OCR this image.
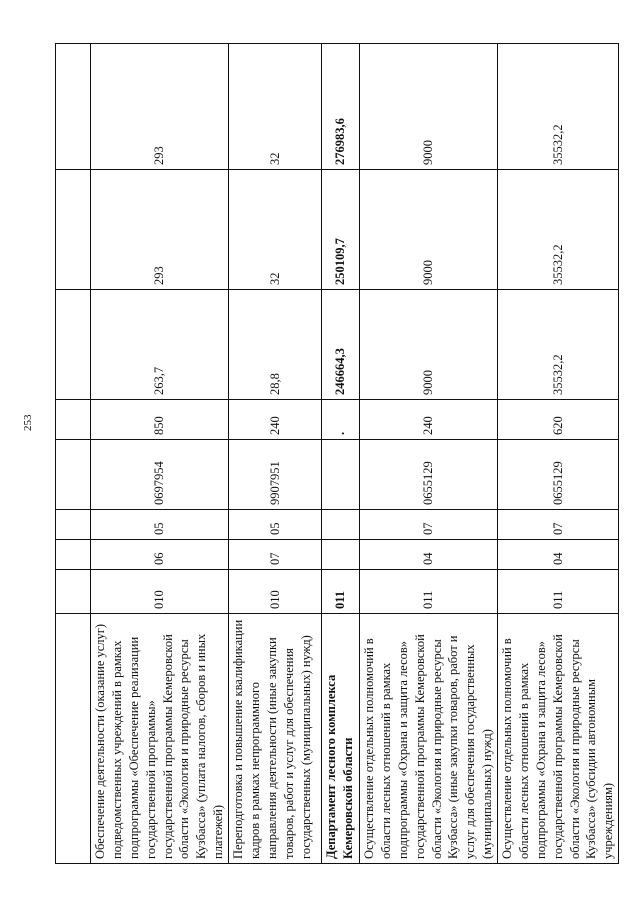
253

Обеспечение деятельности (оказание услуг) подведомственных учреждений в рамках подпрограммы «Обеспечение реализации государственной программы» государственной программы Кемеровской области «Экология и природные ресурсы Кузбасса» (уплата налогов, сборов и иных платежей)	010	06	05	0697954	850	263,7	293	293
Переподготовка и повышение квалификации кадров в рамках непрограммного направления деятельности (иные закупки товаров, работ и услуг для обеспечения государственных (муниципальных) нужд)	010	07	05	9907951	240	28,8	32	32
Департамент лесного комплекса Кемеровской области	011				.	246664,3	250109,7	276983,6
Осуществление отдельных полномочий в области лесных отношений в рамках подпрограммы «Охрана и защита лесов» государственной программы Кемеровской области «Экология и природные ресурсы Кузбасса» (иные закупки товаров, работ и услуг для обеспечения государственных (муниципальных) нужд)	011	04	07	0655129	240	9000	9000	9000
Осуществление отдельных полномочий в области лесных отношений в рамках подпрограммы «Охрана и защита лесов» государственной программы Кемеровской области «Экология и природные ресурсы Кузбасса» (субсидии автономным учреждениям)	011	04	07	0655129	620	35532,2	35532,2	35532,2
